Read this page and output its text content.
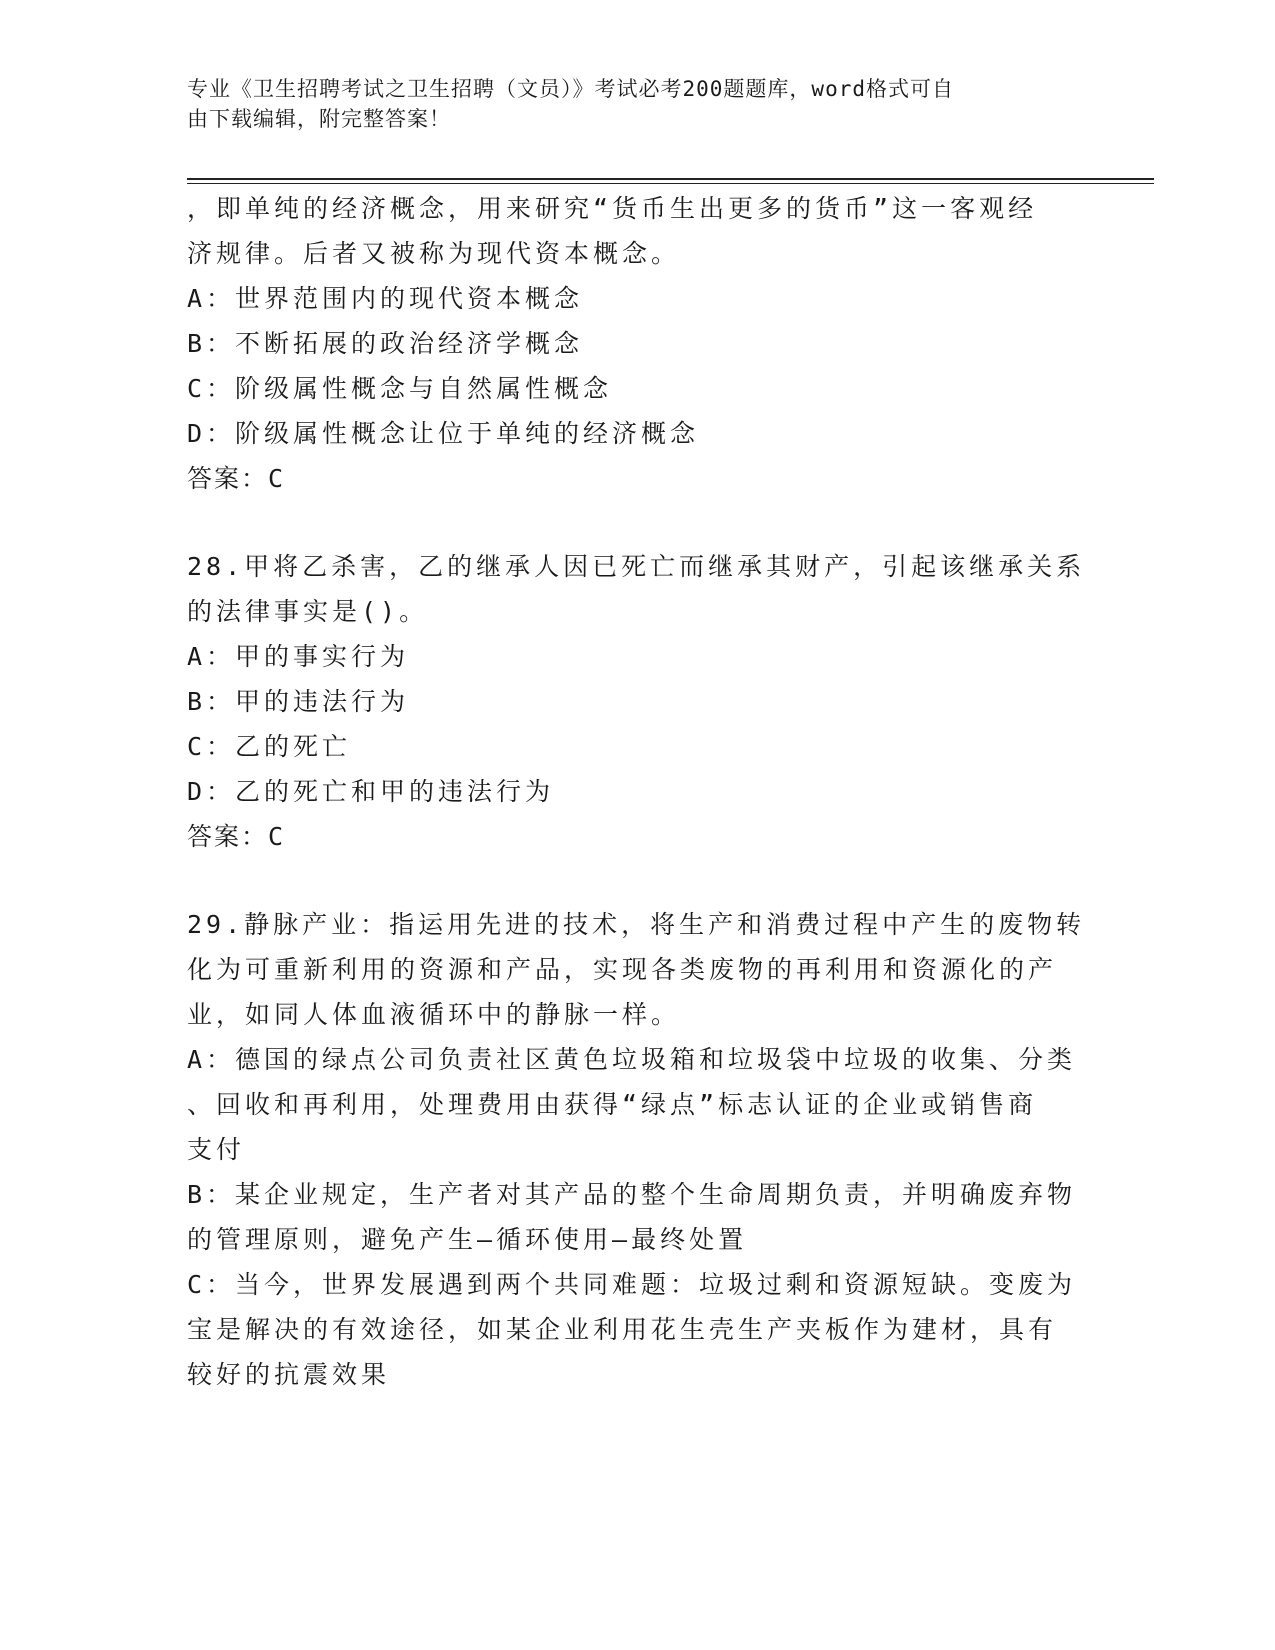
专业《卫生招聘考试之卫生招聘（文员）》考试必考200题题库，word格式可自
由下载编辑，附完整答案！
，即单纯的经济概念，用来研究“货币生出更多的货币”这一客观经
济规律。后者又被称为现代资本概念。
A：世界范围内的现代资本概念
B：不断拓展的政治经济学概念
C：阶级属性概念与自然属性概念
D：阶级属性概念让位于单纯的经济概念
答案：C
28.甲将乙杀害，乙的继承人因已死亡而继承其财产，引起该继承关系
的法律事实是()。
A：甲的事实行为
B：甲的违法行为
C：乙的死亡
D：乙的死亡和甲的违法行为
答案：C
29.静脉产业：指运用先进的技术，将生产和消费过程中产生的废物转
化为可重新利用的资源和产品，实现各类废物的再利用和资源化的产
业，如同人体血液循环中的静脉一样。
A：德国的绿点公司负责社区黄色垃圾箱和垃圾袋中垃圾的收集、分类
、回收和再利用，处理费用由获得“绿点”标志认证的企业或销售商
支付
B：某企业规定，生产者对其产品的整个生命周期负责，并明确废弃物
的管理原则，避免产生—循环使用—最终处置
C：当今，世界发展遇到两个共同难题：垃圾过剩和资源短缺。变废为
宝是解决的有效途径，如某企业利用花生壳生产夹板作为建材，具有
较好的抗震效果
